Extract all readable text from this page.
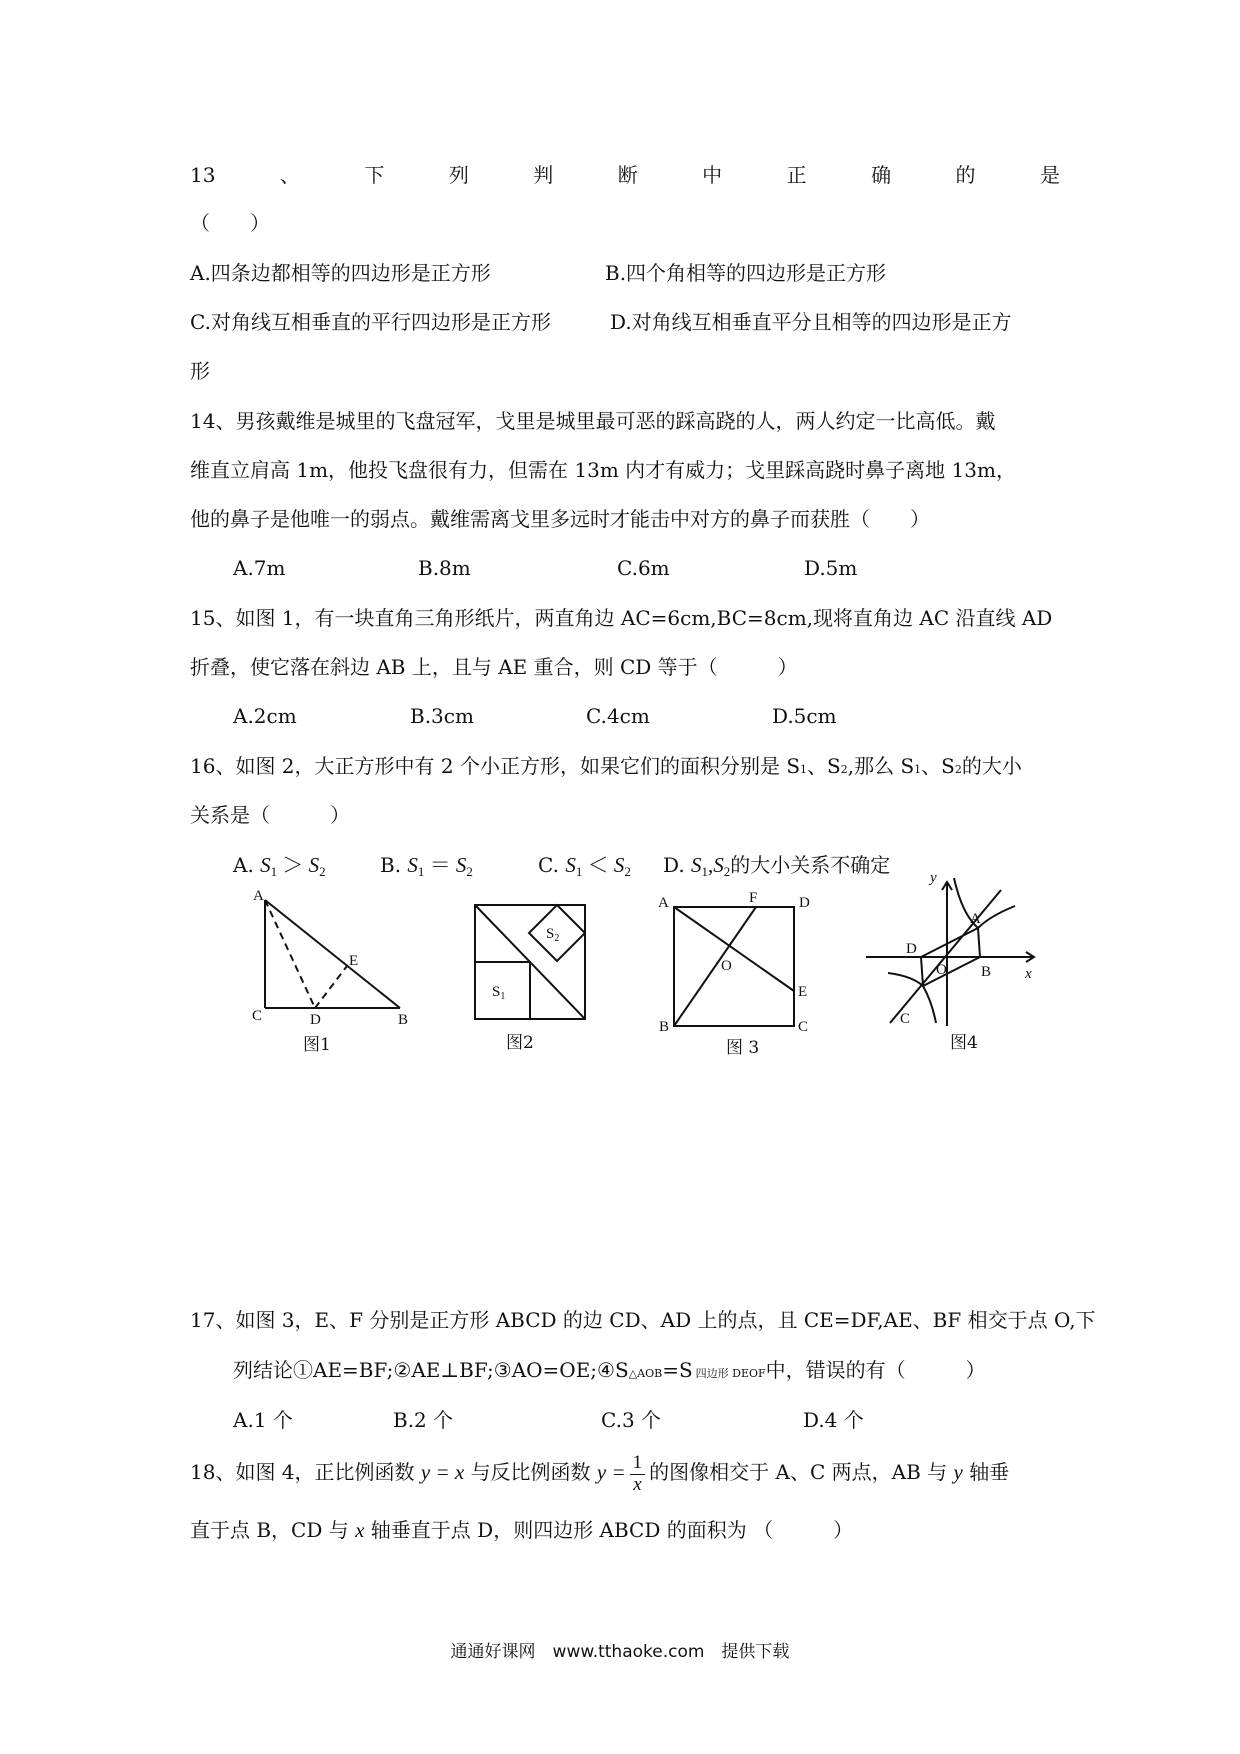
13	、	下	列	判	断	中	正	确	的	是
（　　）
A.四条边都相等的四边形是正方形	B.四个角相等的四边形是正方形
C.对角线互相垂直的平行四边形是正方形	D.对角线互相垂直平分且相等的四边形是正方
形
14、男孩戴维是城里的飞盘冠军，戈里是城里最可恶的踩高跷的人，两人约定一比高低。戴
维直立肩高 1m，他投飞盘很有力，但需在 13m 内才有威力；戈里踩高跷时鼻子离地 13m，
他的鼻子是他唯一的弱点。戴维需离戈里多远时才能击中对方的鼻子而获胜（　　）
A.7m	B.8m	C.6m	D.5m
15、如图 1，有一块直角三角形纸片，两直角边 AC=6cm,BC=8cm,现将直角边 AC 沿直线 AD
折叠，使它落在斜边 AB 上，且与 AE 重合，则 CD 等于（　　　）
A.2cm	B.3cm	C.4cm	D.5cm
16、如图 2，大正方形中有 2 个小正方形，如果它们的面积分别是 S1、S2,那么 S1、S2的大小
关系是（　　　）
A. $S_1 > S_2$	B. $S_1 = S_2$	C. $S_1 < S_2$ D. $S_1,S_2$的大小关系不确定
A
C	D	B
E
图1
$S_2$
$S_1$
图2
A	F	D
O
E
B	C
图 3
y
x
A
D
O B
C
图4
17、如图 3，E、F 分别是正方形 ABCD 的边 CD、AD 上的点，且 CE=DF,AE、BF 相交于点 O,下
列结论①AE=BF;②AE⊥BF;③AO=OE;④S△AOB=S 四边形 DEOF中，错误的有（　　　）
A.1 个	B.2 个	C.3 个	D.4 个
18、如图 4，正比例函数 y = x 与反比例函数 $y = \frac{1}{x}$ 的图像相交于 A、C 两点，AB 与 y 轴垂
直于点 B，CD 与 x 轴垂直于点 D，则四边形 ABCD 的面积为 （　　　）
通通好课网　www.tthaoke.com　提供下载
